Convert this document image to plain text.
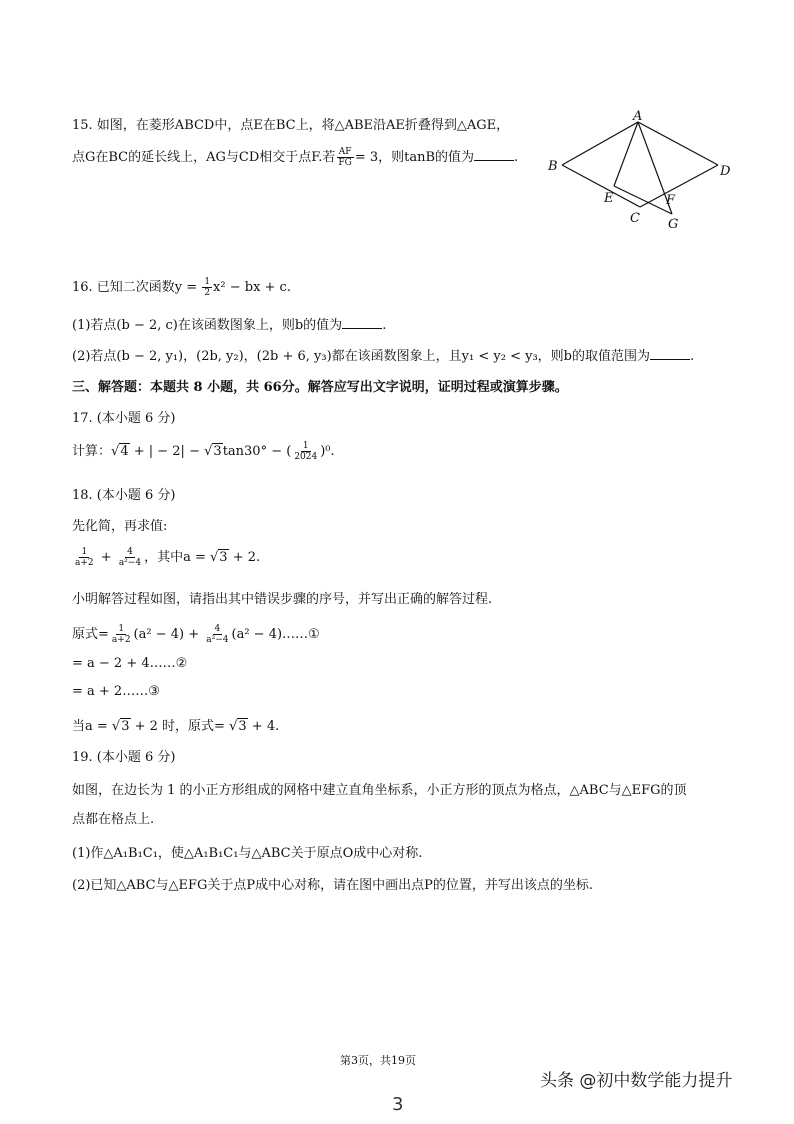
15. 如图，在菱形ABCD中，点E在BC上，将△ABE沿AE折叠得到△AGE，
点G在BC的延长线上，AG与CD相交于点F.若 $\frac{AF}{FG} = 3$，则tanB的值为	.
A
B
C
D
E	F
G
16. 已知二次函数$y = \frac{1}{2} x^2$ − bx + c.
(1)若点(b − 2, c)在该函数图象上，则b的值为	.
(2)若点(b − 2, y₁)，(2b, y₂)，(2b + 6, y₃)都在该函数图象上，且y₁ < y₂ < y₃，则b的取值范围为	.
三、解答题：本题共 8 小题，共 66分。解答应写出文字说明，证明过程或演算步骤。
17. (本小题 6 分)
计算：√4 + | − 2| − √3tan30° − ( $\frac{1}{2024} )^0$.
18. (本小题 6 分)
先化简，再求值:
$\frac{1}{a+2} + \frac{4}{\text{a²−4}}$ ，其中a = √3 + 2.
小明解答过程如图，请指出其中错误步骤的序号，并写出正确的解答过程.
原式= $\frac{1}{a+2} (a^2 - 4) + \frac{4}{\text{a²−4}} (a^2$ − 4)……①
= a − 2 + 4……②
= a + 2……③
当a = √3 + 2 时，原式= √3 + 4.
19. (本小题 6 分)
如图，在边长为 1 的小正方形组成的网格中建立直角坐标系，小正方形的顶点为格点，△ABC与△EFG的顶
点都在格点上.
(1)作△A₁B₁C₁，使△A₁B₁C₁与△ABC关于原点O成中心对称.
(2)已知△ABC与△EFG关于点P成中心对称，请在图中画出点P的位置，并写出该点的坐标.
第3页，共19页
头条 @初中数学能力提升
3
